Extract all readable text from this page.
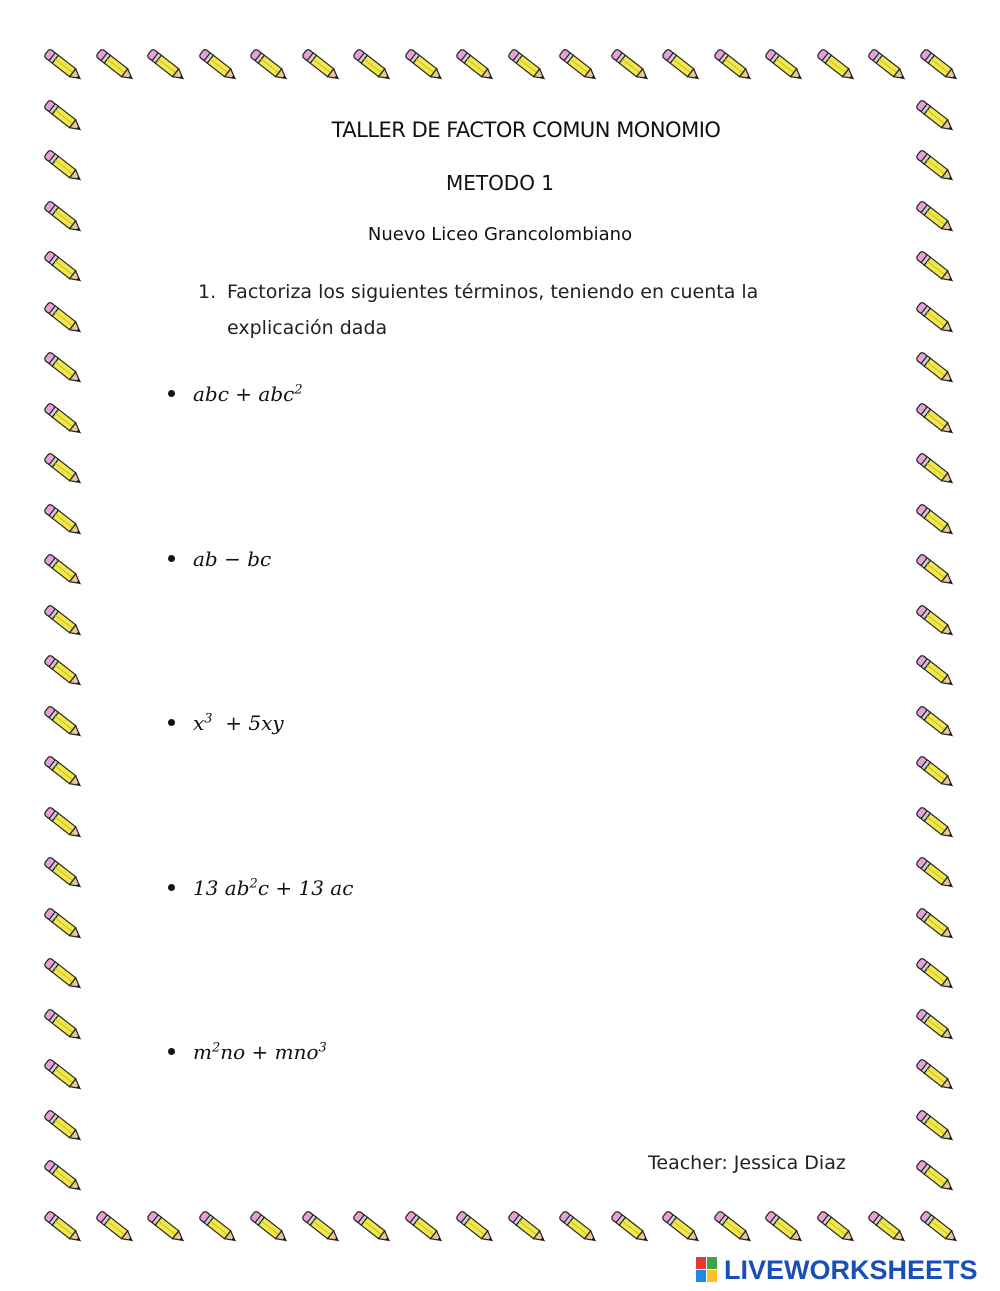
TALLER DE FACTOR COMUN MONOMIO
METODO 1
Nuevo Liceo Grancolombiano
1. Factoriza los siguientes términos, teniendo en cuenta la explicación dada
abc + abc$^2$
ab − bc
$x^3 + 5xy$
13 $ab^2c + 13$ ac
$m^2no + mno^3$
Teacher: Jessica Diaz
LIVEWORKSHEETS
